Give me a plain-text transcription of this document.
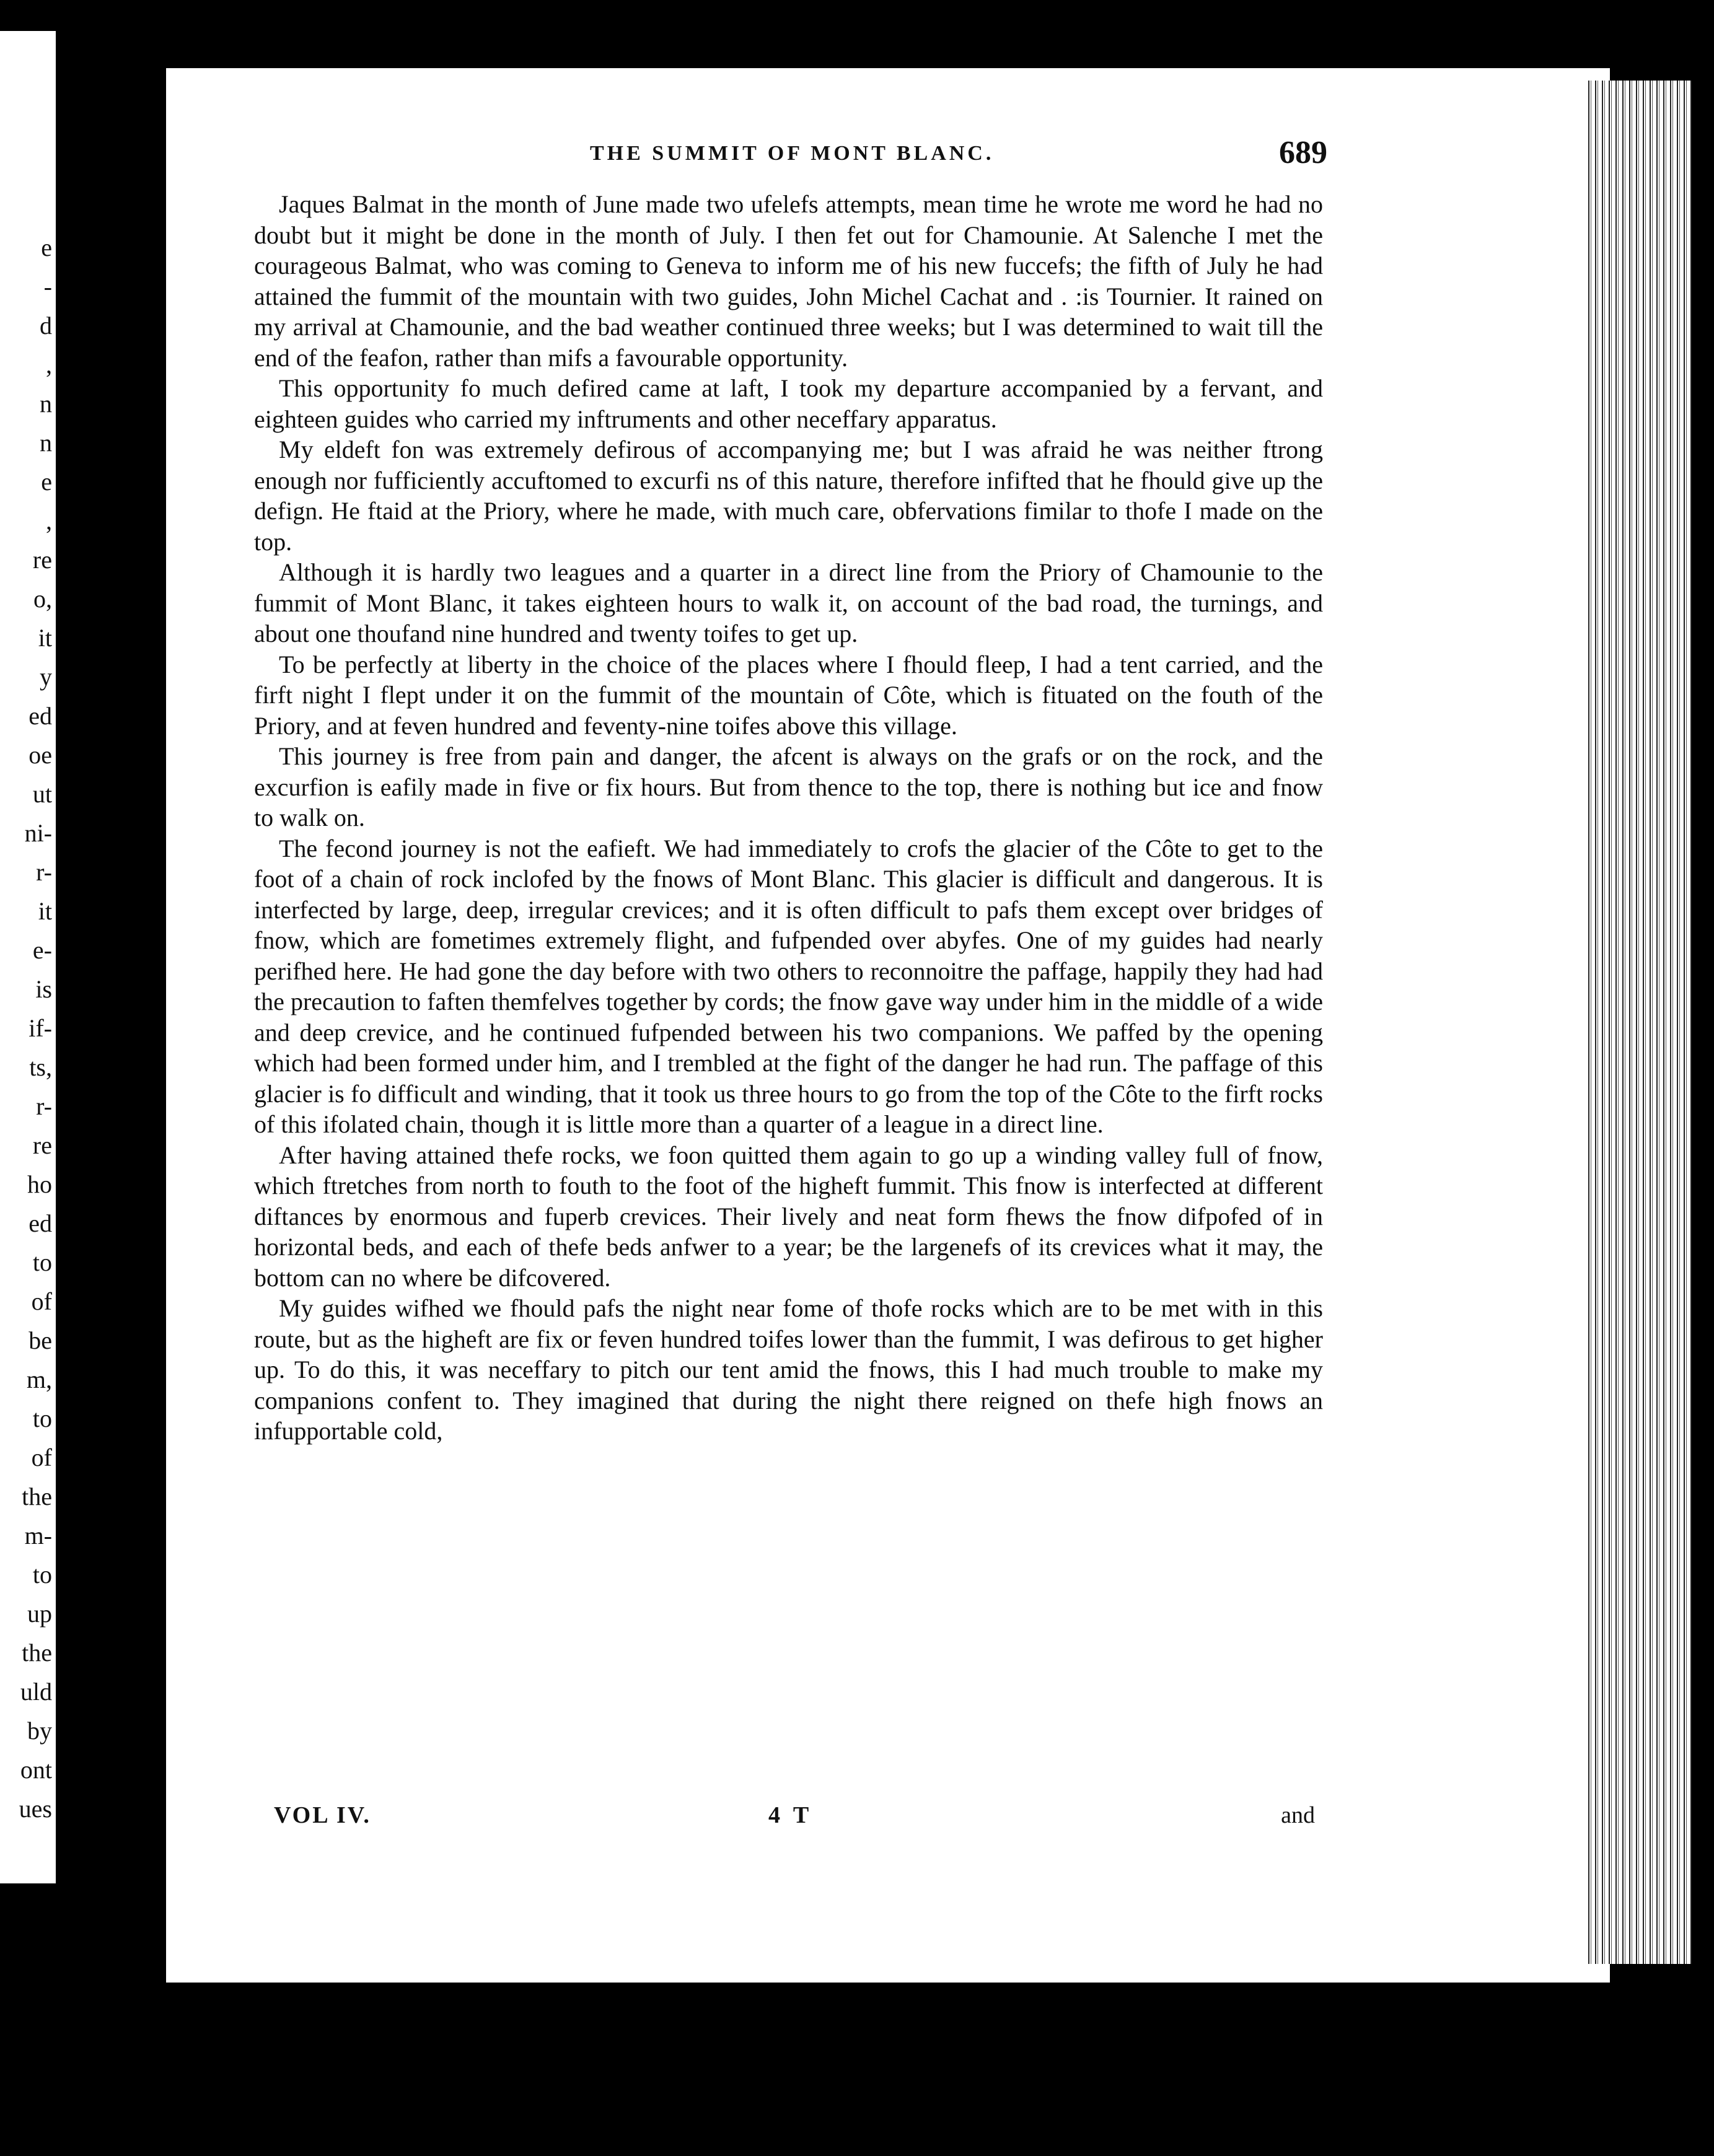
e
-
d
,
n
n
e
,
re
o,
it
y
ed
oe
ut
ni-
r-
it
e-
is
if-
ts,
r-
re
ho
ed
to
of
be
m,
to
of
the
m-
to
up
the
uld
by
ont
ues
THE SUMMIT OF MONT BLANC.	689

Jaques Balmat in the month of June made two ufelefs attempts, mean time he wrote me word he had no doubt but it might be done in the month of July. I then fet out for Chamounie. At Salenche I met the courageous Balmat, who was coming to Geneva to inform me of his new fuccefs; the fifth of July he had attained the fummit of the mountain with two guides, John Michel Cachat and . :is Tournier. It rained on my arrival at Chamounie, and the bad weather continued three weeks; but I was determined to wait till the end of the feafon, rather than mifs a favourable opportunity.

This opportunity fo much defired came at laft, I took my departure accompanied by a fervant, and eighteen guides who carried my inftruments and other neceffary apparatus.

My eldeft fon was extremely defirous of accompanying me; but I was afraid he was neither ftrong enough nor fufficiently accuftomed to excurfi ns of this nature, therefore infifted that he fhould give up the defign. He ftaid at the Priory, where he made, with much care, obfervations fimilar to thofe I made on the top.

Although it is hardly two leagues and a quarter in a direct line from the Priory of Chamounie to the fummit of Mont Blanc, it takes eighteen hours to walk it, on account of the bad road, the turnings, and about one thoufand nine hundred and twenty toifes to get up.

To be perfectly at liberty in the choice of the places where I fhould fleep, I had a tent carried, and the firft night I flept under it on the fummit of the mountain of Côte, which is fituated on the fouth of the Priory, and at feven hundred and feventy-nine toifes above this village.

This journey is free from pain and danger, the afcent is always on the grafs or on the rock, and the excurfion is eafily made in five or fix hours. But from thence to the top, there is nothing but ice and fnow to walk on.

The fecond journey is not the eafieft. We had immediately to crofs the glacier of the Côte to get to the foot of a chain of rock inclofed by the fnows of Mont Blanc. This glacier is difficult and dangerous. It is interfected by large, deep, irregular crevices; and it is often difficult to pafs them except over bridges of fnow, which are fometimes extremely flight, and fufpended over abyfes. One of my guides had nearly perifhed here. He had gone the day before with two others to reconnoitre the paffage, happily they had had the precaution to faften themfelves together by cords; the fnow gave way under him in the middle of a wide and deep crevice, and he continued fufpended between his two companions. We paffed by the opening which had been formed under him, and I trembled at the fight of the danger he had run. The paffage of this glacier is fo difficult and winding, that it took us three hours to go from the top of the Côte to the firft rocks of this ifolated chain, though it is little more than a quarter of a league in a direct line.

After having attained thefe rocks, we foon quitted them again to go up a winding valley full of fnow, which ftretches from north to fouth to the foot of the higheft fummit. This fnow is interfected at different diftances by enormous and fuperb crevices. Their lively and neat form fhews the fnow difpofed of in horizontal beds, and each of thefe beds anfwer to a year; be the largenefs of its crevices what it may, the bottom can no where be difcovered.

My guides wifhed we fhould pafs the night near fome of thofe rocks which are to be met with in this route, but as the higheft are fix or feven hundred toifes lower than the fummit, I was defirous to get higher up. To do this, it was neceffary to pitch our tent amid the fnows, this I had much trouble to make my companions confent to. They imagined that during the night there reigned on thefe high fnows an infupportable cold,

VOL IV.	4 T	and
